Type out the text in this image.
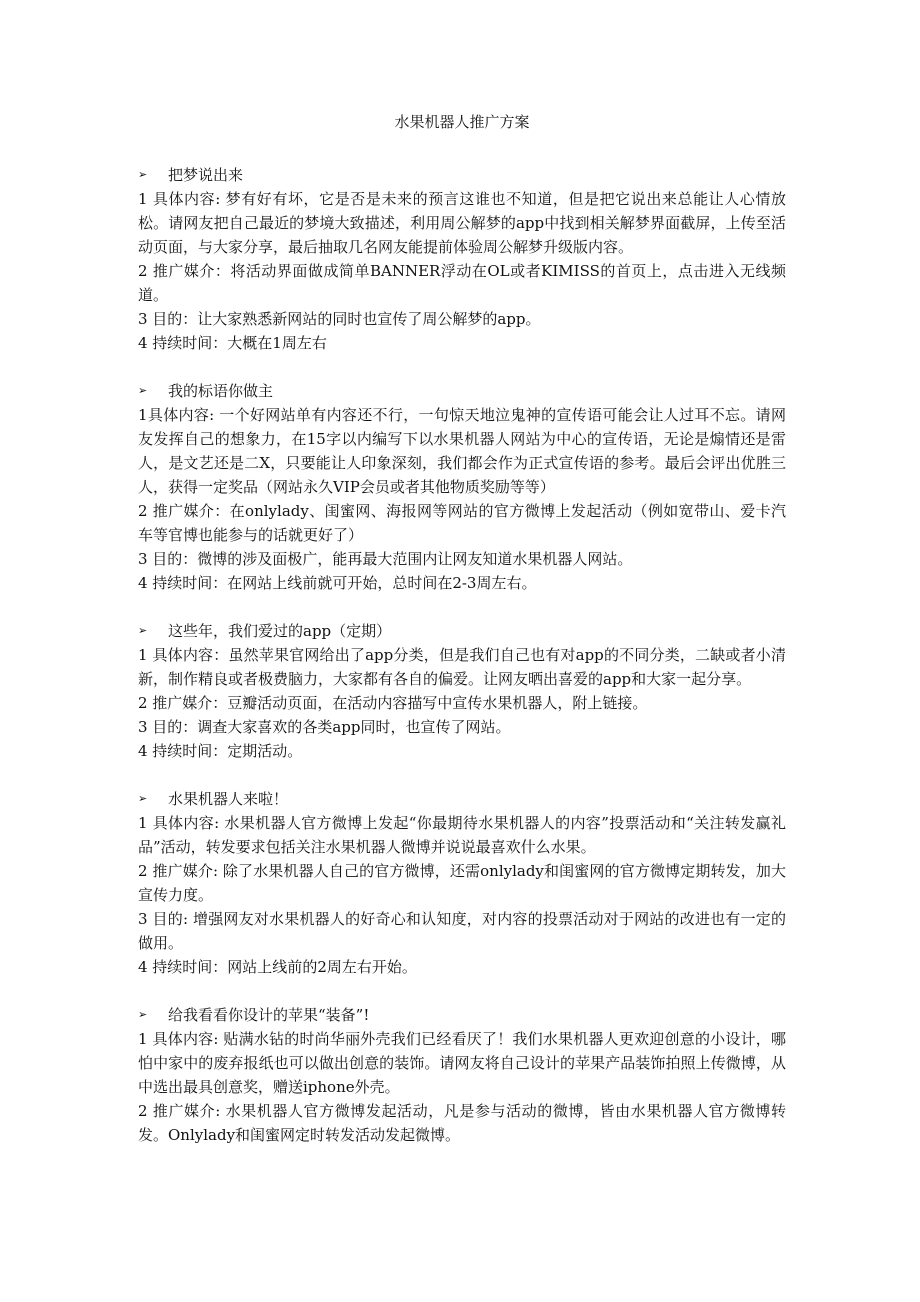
水果机器人推广方案
➢	把梦说出来

1 具体内容: 梦有好有坏，它是否是未来的预言这谁也不知道，但是把它说出来总能让人心情放松。请网友把自己最近的梦境大致描述，利用周公解梦的app中找到相关解梦界面截屏，上传至活动页面，与大家分享，最后抽取几名网友能提前体验周公解梦升级版内容。

2 推广媒介：将活动界面做成简单BANNER浮动在OL或者KIMISS的首页上，点击进入无线频道。

3 目的：让大家熟悉新网站的同时也宣传了周公解梦的app。

4 持续时间：大概在1周左右

➢	我的标语你做主

1具体内容: 一个好网站单有内容还不行，一句惊天地泣鬼神的宣传语可能会让人过耳不忘。请网友发挥自己的想象力，在15字以内编写下以水果机器人网站为中心的宣传语，无论是煽情还是雷人，是文艺还是二X，只要能让人印象深刻，我们都会作为正式宣传语的参考。最后会评出优胜三人，获得一定奖品（网站永久VIP会员或者其他物质奖励等等）

2 推广媒介：在onlylady、闺蜜网、海报网等网站的官方微博上发起活动（例如宽带山、爱卡汽车等官博也能参与的话就更好了）

3 目的：微博的涉及面极广，能再最大范围内让网友知道水果机器人网站。

4 持续时间：在网站上线前就可开始，总时间在2-3周左右。

➢	这些年，我们爱过的app（定期）

1 具体内容：虽然苹果官网给出了app分类，但是我们自己也有对app的不同分类，二缺或者小清新，制作精良或者极费脑力，大家都有各自的偏爱。让网友晒出喜爱的app和大家一起分享。

2 推广媒介：豆瓣活动页面，在活动内容描写中宣传水果机器人，附上链接。

3 目的：调查大家喜欢的各类app同时，也宣传了网站。

4 持续时间：定期活动。

➢	水果机器人来啦！

1 具体内容: 水果机器人官方微博上发起“你最期待水果机器人的内容”投票活动和“关注转发赢礼品”活动，转发要求包括关注水果机器人微博并说说最喜欢什么水果。

2 推广媒介: 除了水果机器人自己的官方微博，还需onlylady和闺蜜网的官方微博定期转发，加大宣传力度。

3 目的: 增强网友对水果机器人的好奇心和认知度，对内容的投票活动对于网站的改进也有一定的做用。

4 持续时间：网站上线前的2周左右开始。

➢	给我看看你设计的苹果“装备”!

1 具体内容: 贴满水钻的时尚华丽外壳我们已经看厌了！我们水果机器人更欢迎创意的小设计，哪怕中家中的废弃报纸也可以做出创意的装饰。请网友将自己设计的苹果产品装饰拍照上传微博，从中选出最具创意奖，赠送iphone外壳。

2 推广媒介: 水果机器人官方微博发起活动，凡是参与活动的微博，皆由水果机器人官方微博转发。Onlylady和闺蜜网定时转发活动发起微博。
